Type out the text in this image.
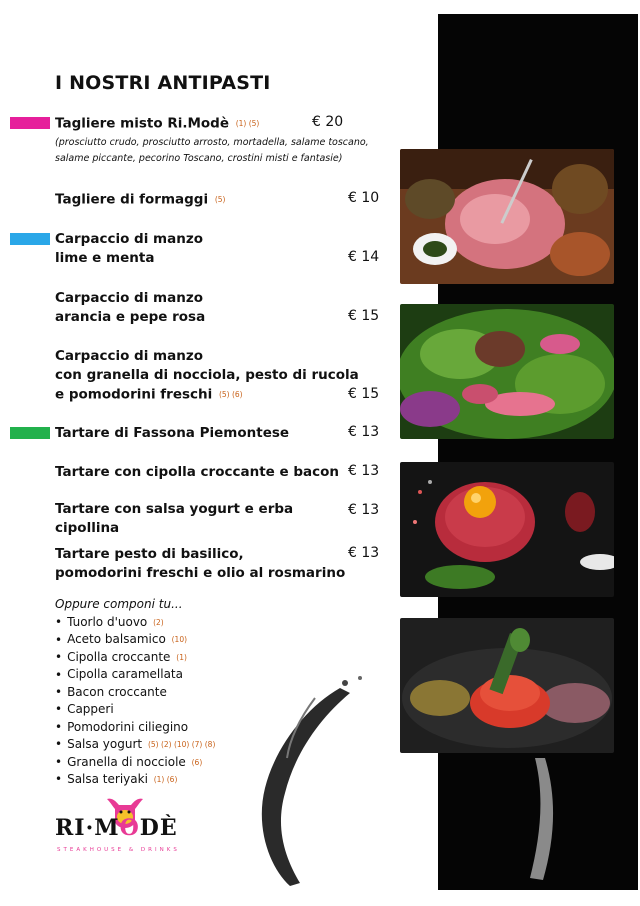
I NOSTRI ANTIPASTI
Tagliere misto Ri.Modè (1) (5)	€ 20
(prosciutto crudo, prosciutto arrosto, mortadella, salame toscano,
salame piccante, pecorino Toscano, crostini misti e fantasie)
Tagliere di formaggi (5)	€ 10
Carpaccio di manzo
lime e menta	€ 14
Carpaccio di manzo
arancia e pepe rosa	€ 15
Carpaccio di manzo
con granella di nocciola, pesto di rucola
e pomodorini freschi (5) (6)	€ 15
Tartare di Fassona Piemontese	€ 13
Tartare con cipolla croccante e bacon € 13
Tartare con salsa yogurt e erba
cipollina
€ 13
Tartare pesto di basilico,
pomodorini freschi e olio al rosmarino
€ 13
Oppure componi tu...
• Tuorlo d'uovo (2)
• Aceto balsamico (10)
• Cipolla croccante (1)
• Cipolla caramellata
• Bacon croccante
• Capperi
• Pomodorini ciliegino
• Salsa yogurt (5) (2) (10) (7) (8)
• Granella di nocciole (6)
• Salsa teriyaki (1) (6)
RI·MODÈ
STEAKHOUSE & DRINKS
